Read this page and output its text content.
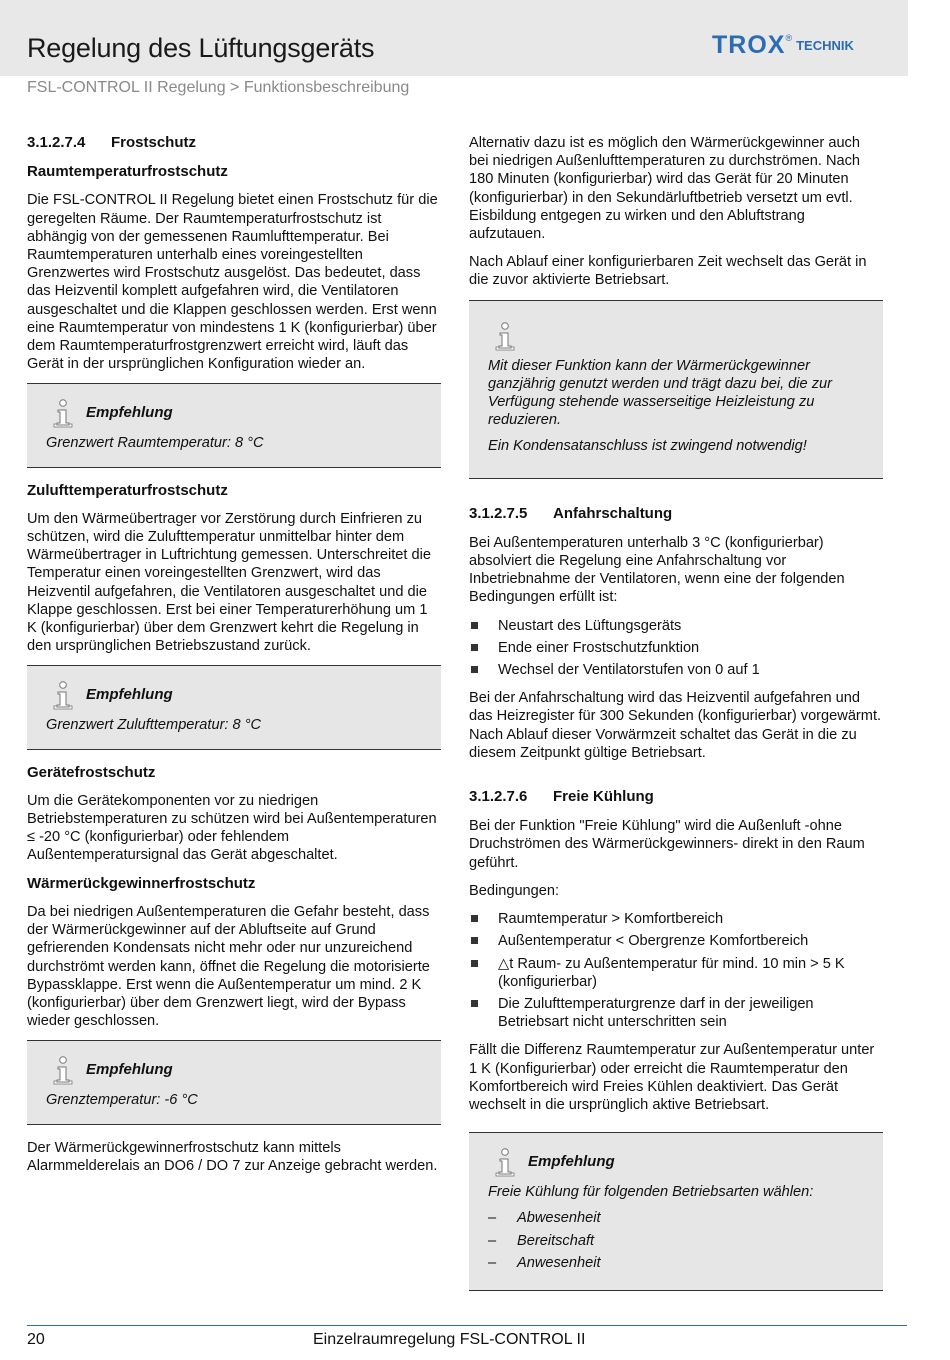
Regelung des Lüftungsgeräts	TROX® TECHNIK
FSL-CONTROL II Regelung > Funktionsbeschreibung
3.1.2.7.4 Frostschutz
Raumtemperaturfrostschutz

Die FSL-CONTROL II Regelung bietet einen Frostschutz für die geregelten Räume. Der Raumtemperaturfrostschutz ist abhängig von der gemessenen Raumlufttemperatur. Bei Raumtemperaturen unterhalb eines voreingestellten Grenzwertes wird Frostschutz ausgelöst. Das bedeutet, dass das Heizventil komplett aufgefahren wird, die Ventilatoren ausgeschaltet und die Klappen geschlossen werden. Erst wenn eine Raumtemperatur von mindestens 1 K (konfigurierbar) über dem Raumtemperaturfrostgrenzwert erreicht wird, läuft das Gerät in der ursprünglichen Konfiguration wieder an.

Empfehlung

Grenzwert Raumtemperatur: 8 °C

Zulufttemperaturfrostschutz

Um den Wärmeübertrager vor Zerstörung durch Einfrieren zu schützen, wird die Zulufttemperatur unmittelbar hinter dem Wärmeübertrager in Luftrichtung gemessen. Unterschreitet die Temperatur einen voreingestellten Grenzwert, wird das Heizventil aufgefahren, die Ventilatoren ausgeschaltet und die Klappe geschlossen. Erst bei einer Temperaturerhöhung um 1 K (konfigurierbar) über dem Grenzwert kehrt die Regelung in den ursprünglichen Betriebszustand zurück.

Empfehlung

Grenzwert Zulufttemperatur: 8 °C

Gerätefrostschutz

Um die Gerätekomponenten vor zu niedrigen Betriebstemperaturen zu schützen wird bei Außentemperaturen ≤ -20 °C (konfigurierbar) oder fehlendem Außentemperatursignal das Gerät abgeschaltet.

Wärmerückgewinnerfrostschutz

Da bei niedrigen Außentemperaturen die Gefahr besteht, dass der Wärmerückgewinner auf der Abluftseite auf Grund gefrierenden Kondensats nicht mehr oder nur unzureichend durchströmt werden kann, öffnet die Regelung die motorisierte Bypassklappe. Erst wenn die Außentemperatur um mind. 2 K (konfigurierbar) über dem Grenzwert liegt, wird der Bypass wieder geschlossen.

Empfehlung

Grenztemperatur: -6 °C

Der Wärmerückgewinnerfrostschutz kann mittels Alarmmelderelais an DO6 / DO 7 zur Anzeige gebracht werden.

Alternativ dazu ist es möglich den Wärmerückgewinner auch bei niedrigen Außenlufttemperaturen zu durchströmen. Nach 180 Minuten (konfigurierbar) wird das Gerät für 20 Minuten (konfigurierbar) in den Sekundärluftbetrieb versetzt um evtl. Eisbildung entgegen zu wirken und den Abluftstrang aufzutauen.

Nach Ablauf einer konfigurierbaren Zeit wechselt das Gerät in die zuvor aktivierte Betriebsart.

Mit dieser Funktion kann der Wärmerückgewinner ganzjährig genutzt werden und trägt dazu bei, die zur Verfügung stehende wasserseitige Heizleistung zu reduzieren.

Ein Kondensatanschluss ist zwingend notwendig!

3.1.2.7.5 Anfahrschaltung

Bei Außentemperaturen unterhalb 3 °C (konfigurierbar) absolviert die Regelung eine Anfahrschaltung vor Inbetriebnahme der Ventilatoren, wenn eine der folgenden Bedingungen erfüllt ist:

Neustart des Lüftungsgeräts
Ende einer Frostschutzfunktion
Wechsel der Ventilatorstufen von 0 auf 1

Bei der Anfahrschaltung wird das Heizventil aufgefahren und das Heizregister für 300 Sekunden (konfigurierbar) vorgewärmt. Nach Ablauf dieser Vorwärmzeit schaltet das Gerät in die zu diesem Zeitpunkt gültige Betriebsart.

3.1.2.7.6 Freie Kühlung

Bei der Funktion "Freie Kühlung" wird die Außenluft -ohne Druchströmen des Wärmerückgewinners- direkt in den Raum geführt.

Bedingungen:

Raumtemperatur > Komfortbereich
Außentemperatur < Obergrenze Komfortbereich
△t Raum- zu Außentemperatur für mind. 10 min > 5 K (konfigurierbar)
Die Zulufttemperaturgrenze darf in der jeweiligen Betriebsart nicht unterschritten sein

Fällt die Differenz Raumtemperatur zur Außentemperatur unter 1 K (Konfigurierbar) oder erreicht die Raumtemperatur den Komfortbereich wird Freies Kühlen deaktiviert. Das Gerät wechselt in die ursprünglich aktive Betriebsart.

Empfehlung

Freie Kühlung für folgenden Betriebsarten wählen:

– Abwesenheit
– Bereitschaft
– Anwesenheit
20	Einzelraumregelung FSL-CONTROL II
